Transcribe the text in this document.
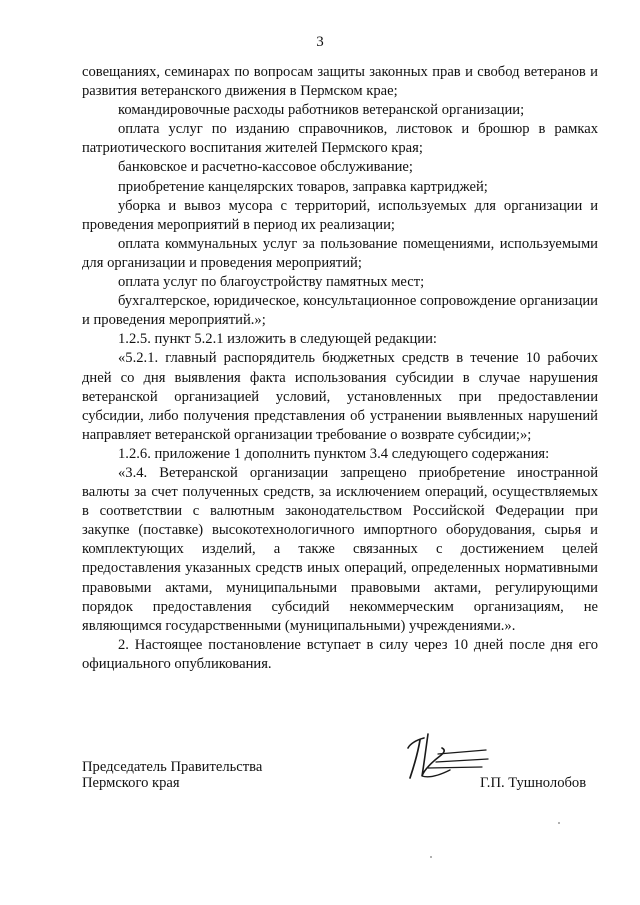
3

совещаниях, семинарах по вопросам защиты законных прав и свобод ветеранов и развития ветеранского движения в Пермском крае;

командировочные расходы работников ветеранской организации;

оплата услуг по изданию справочников, листовок и брошюр в рамках патриотического воспитания жителей Пермского края;

банковское и расчетно-кассовое обслуживание;

приобретение канцелярских товаров, заправка картриджей;

уборка и вывоз мусора с территорий, используемых для организации и проведения мероприятий в период их реализации;

оплата коммунальных услуг за пользование помещениями, используемыми для организации и проведения мероприятий;

оплата услуг по благоустройству памятных мест;

бухгалтерское, юридическое, консультационное сопровождение организации и проведения мероприятий.»;

1.2.5. пункт 5.2.1 изложить в следующей редакции:

«5.2.1. главный распорядитель бюджетных средств в течение 10 рабочих дней со дня выявления факта использования субсидии в случае нарушения ветеранской организацией условий, установленных при предоставлении субсидии, либо получения представления об устранении выявленных нарушений направляет ветеранской организации требование о возврате субсидии;»;

1.2.6. приложение 1 дополнить пунктом 3.4 следующего содержания:

«3.4. Ветеранской организации запрещено приобретение иностранной валюты за счет полученных средств, за исключением операций, осуществляемых в соответствии с валютным законодательством Российской Федерации при закупке (поставке) высокотехнологичного импортного оборудования, сырья и комплектующих изделий, а также связанных с достижением целей предоставления указанных средств иных операций, определенных нормативными правовыми актами, муниципальными правовыми актами, регулирующими порядок предоставления субсидий некоммерческим организациям, не являющимся государственными (муниципальными) учреждениями.».

2. Настоящее постановление вступает в силу через 10 дней после дня его официального опубликования.

Председатель Правительства
Пермского края	Г.П. Тушнолобов
